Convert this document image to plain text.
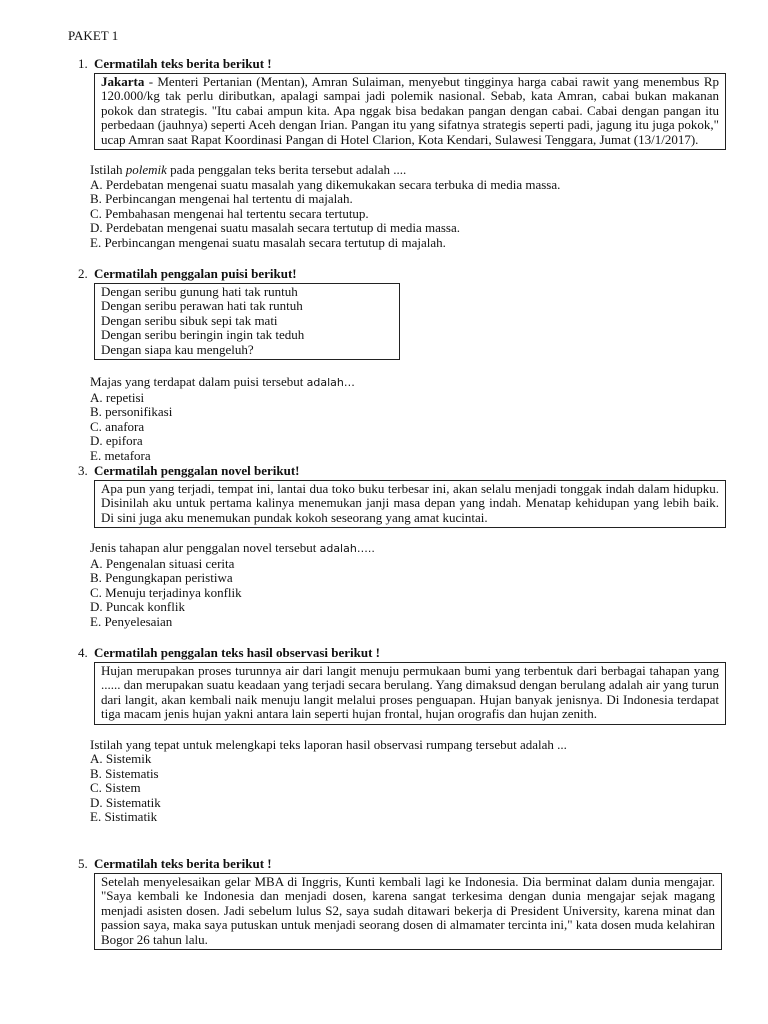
PAKET 1
1. Cermatilah teks berita berikut !
Jakarta - Menteri Pertanian (Mentan), Amran Sulaiman, menyebut tingginya harga cabai rawit yang menembus Rp 120.000/kg tak perlu diributkan, apalagi sampai jadi polemik nasional. Sebab, kata Amran, cabai bukan makanan pokok dan strategis. "Itu cabai ampun kita. Apa nggak bisa bedakan pangan dengan cabai. Cabai dengan pangan itu perbedaan (jauhnya) seperti Aceh dengan Irian. Pangan itu yang sifatnya strategis seperti padi, jagung itu juga pokok," ucap Amran saat Rapat Koordinasi Pangan di Hotel Clarion, Kota Kendari, Sulawesi Tenggara, Jumat (13/1/2017).
Istilah polemik pada penggalan teks berita tersebut adalah ....
A. Perdebatan mengenai suatu masalah yang dikemukakan secara terbuka di media massa.
B. Perbincangan mengenai hal tertentu di majalah.
C. Pembahasan mengenai hal tertentu secara tertutup.
D. Perdebatan mengenai suatu masalah secara tertutup di media massa.
E. Perbincangan mengenai suatu masalah secara tertutup di majalah.
2. Cermatilah penggalan puisi berikut!
Dengan seribu gunung hati tak runtuh
Dengan seribu perawan hati tak runtuh
Dengan seribu sibuk sepi tak mati
Dengan seribu beringin ingin tak teduh
Dengan siapa kau mengeluh?
Majas yang terdapat dalam puisi tersebut adalah…
A. repetisi
B. personifikasi
C. anafora
D. epifora
E. metafora
3. Cermatilah penggalan novel berikut!
Apa pun yang terjadi, tempat ini, lantai dua toko buku terbesar ini, akan selalu menjadi tonggak indah dalam hidupku. Disinilah aku untuk pertama kalinya menemukan janji masa depan yang indah. Menatap kehidupan yang lebih baik. Di sini juga aku menemukan pundak kokoh seseorang yang amat kucintai.
Jenis tahapan alur penggalan novel tersebut adalah…..
A. Pengenalan situasi cerita
B. Pengungkapan peristiwa
C. Menuju terjadinya konflik
D. Puncak konflik
E. Penyelesaian
4. Cermatilah penggalan teks hasil observasi berikut !
Hujan merupakan proses turunnya air dari langit menuju permukaan bumi yang terbentuk dari berbagai tahapan yang ...... dan merupakan suatu keadaan yang terjadi secara berulang. Yang dimaksud dengan berulang adalah air yang turun dari langit, akan kembali naik menuju langit melalui proses penguapan. Hujan banyak jenisnya. Di Indonesia terdapat tiga macam jenis hujan yakni antara lain seperti hujan frontal, hujan orografis dan hujan zenith.
Istilah yang tepat untuk melengkapi teks laporan hasil observasi rumpang tersebut adalah ...
A. Sistemik
B. Sistematis
C. Sistem
D. Sistematik
E. Sistimatik
5. Cermatilah teks berita berikut !
Setelah menyelesaikan gelar MBA di Inggris, Kunti kembali lagi ke Indonesia. Dia berminat dalam dunia mengajar. "Saya kembali ke Indonesia dan menjadi dosen, karena sangat terkesima dengan dunia mengajar sejak magang menjadi asisten dosen. Jadi sebelum lulus S2, saya sudah ditawari bekerja di President University, karena minat dan passion saya, maka saya putuskan untuk menjadi seorang dosen di almamater tercinta ini," kata dosen muda kelahiran Bogor 26 tahun lalu.
